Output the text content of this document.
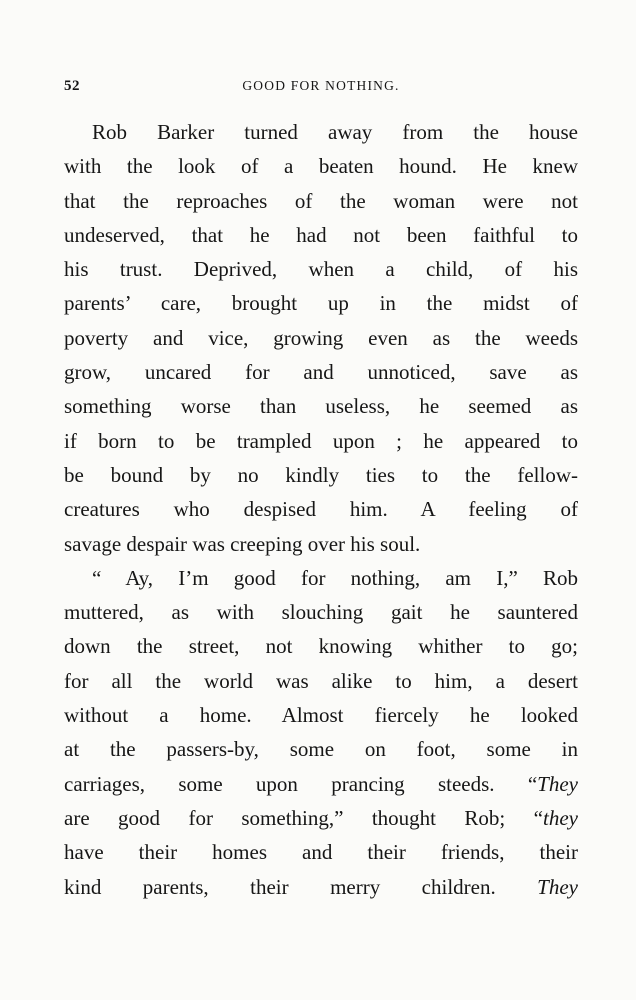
52	GOOD FOR NOTHING.
Rob Barker turned away from the house
with the look of a beaten hound. He knew
that the reproaches of the woman were not
undeserved, that he had not been faithful to
his trust. Deprived, when a child, of his
parents’ care, brought up in the midst of
poverty and vice, growing even as the weeds
grow, uncared for and unnoticed, save as
something worse than useless, he seemed as
if born to be trampled upon ; he appeared to
be bound by no kindly ties to the fellow-
creatures who despised him. A feeling of
savage despair was creeping over his soul.
“ Ay, I’m good for nothing, am I,” Rob
muttered, as with slouching gait he sauntered
down the street, not knowing whither to go;
for all the world was alike to him, a desert
without a home. Almost fiercely he looked
at the passers-by, some on foot, some in
carriages, some upon prancing steeds. “They
are good for something,” thought Rob; “they
have their homes and their friends, their
kind parents, their merry children. They
